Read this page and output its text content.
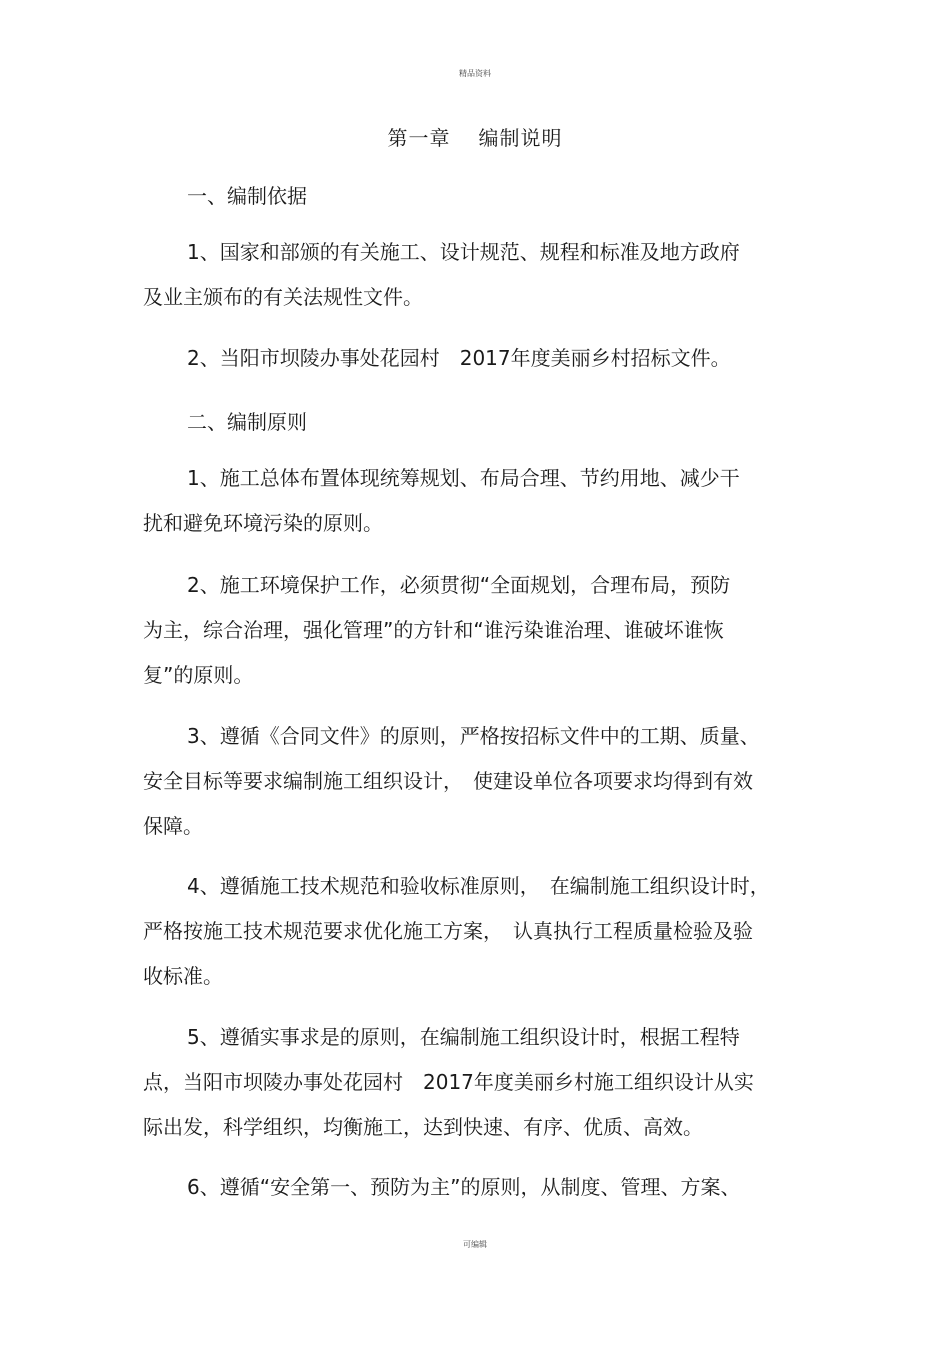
精品资料
第一章 编制说明
一、编制依据
1、国家和部颁的有关施工、设计规范、规程和标准及地方政府
及业主颁布的有关法规性文件。
2、当阳市坝陵办事处花园村　2017年度美丽乡村招标文件。
二、编制原则
1、施工总体布置体现统筹规划、布局合理、节约用地、减少干
扰和避免环境污染的原则。
2、施工环境保护工作，必须贯彻“全面规划，合理布局，预防
为主，综合治理，强化管理”的方针和“谁污染谁治理、谁破坏谁恢
复”的原则。
3、遵循《合同文件》的原则，严格按招标文件中的工期、质量、
安全目标等要求编制施工组织设计，　使建设单位各项要求均得到有效
保障。
4、遵循施工技术规范和验收标准原则，　在编制施工组织设计时，
严格按施工技术规范要求优化施工方案，　认真执行工程质量检验及验
收标准。
5、遵循实事求是的原则，在编制施工组织设计时，根据工程特
点，当阳市坝陵办事处花园村　2017年度美丽乡村施工组织设计从实
际出发，科学组织，均衡施工，达到快速、有序、优质、高效。
6、遵循“安全第一、预防为主”的原则，从制度、管理、方案、
可编辑
